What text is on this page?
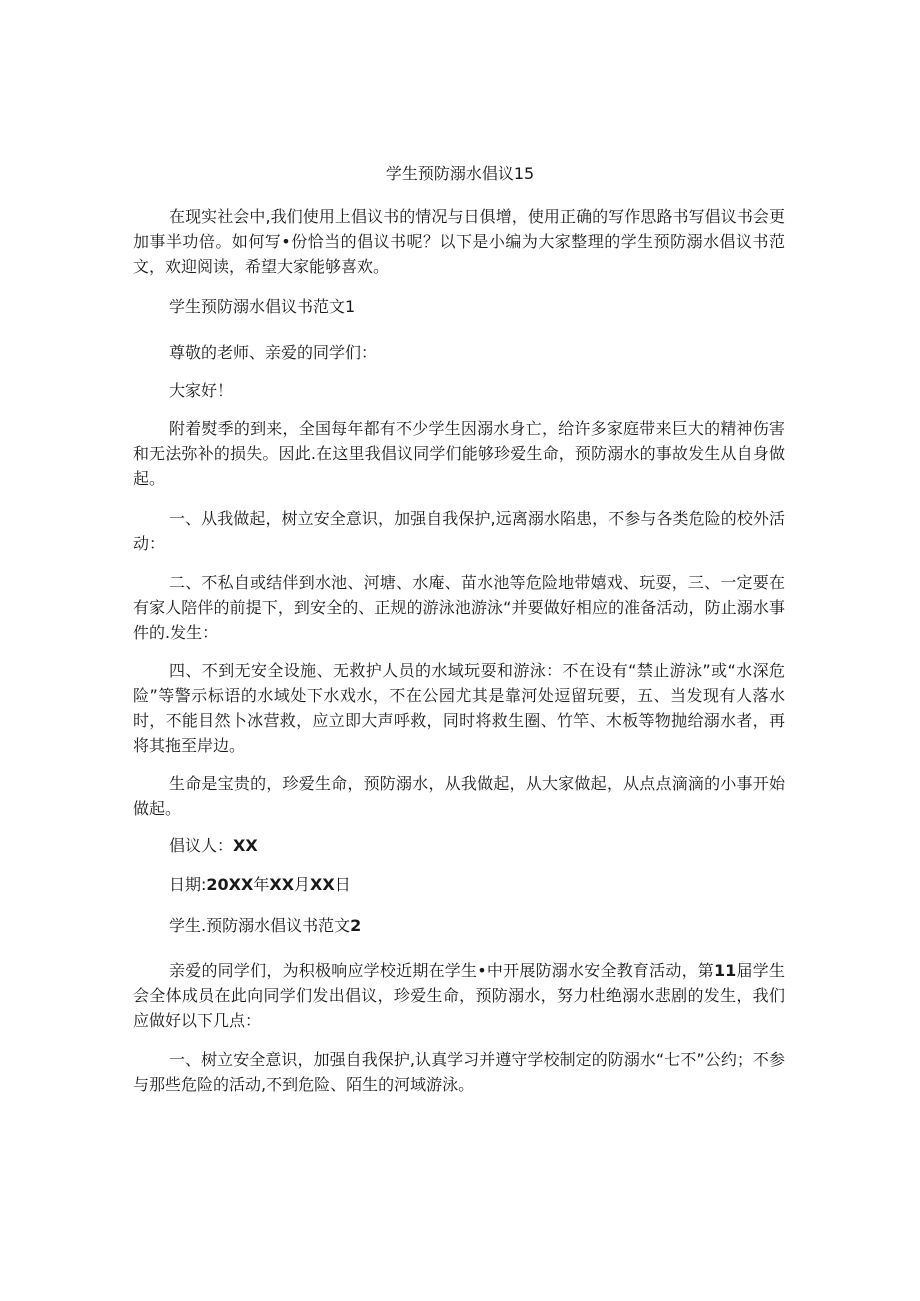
学生预防溺水倡议15

在现实社会中,我们使用上倡议书的情况与日俱增，使用正确的写作思路书写倡议书会更加事半功倍。如何写•份恰当的倡议书呢？以下是小编为大家整理的学生预防溺水倡议书范文，欢迎阅读，希望大家能够喜欢。

学生预防溺水倡议书范文1

尊敬的老师、亲爱的同学们：

大家好！

附着熨季的到来，全国每年都有不少学生因溺水身亡，给许多家庭带来巨大的精神伤害和无法弥补的损失。因此.在这里我倡议同学们能够珍爱生命，预防溺水的事故发生从自身做起。

一、从我做起，树立安全意识，加强自我保护,远离溺水陷患，不参与各类危险的校外活动：

二、不私自或结伴到水池、河塘、水庵、苗水池等危险地带嬉戏、玩耍，三、一定要在有家人陪伴的前提下，到安全的、正规的游泳池游泳“并要做好相应的准备活动，防止溺水事件的.发生：

四、不到无安全设施、无救护人员的水域玩耍和游泳：不在设有“禁止游泳”或“水深危险”等警示标语的水域处下水戏水，不在公园尤其是靠河处逗留玩要，五、当发现有人落水时，不能目然卜冰营救，应立即大声呼救，同时将救生圈、竹竿、木板等物抛给溺水者，再将其拖至岸边。

生命是宝贵的，珍爱生命，预防溺水，从我做起，从大家做起，从点点滴滴的小事开始做起。

倡议人：XX

日期:20XX年XX月XX日

学生.预防溺水倡议书范文2

亲爱的同学们，为积极响应学校近期在学生•中开展防溺水安全教育活动，第11届学生会全体成员在此向同学们发出倡议，珍爱生命，预防溺水，努力杜绝溺水悲剧的发生，我们应做好以下几点：

一、树立安全意识，加强自我保护,认真学习并遵守学校制定的防溺水“七不”公约；不参与那些危险的活动,不到危险、陌生的河域游泳。
